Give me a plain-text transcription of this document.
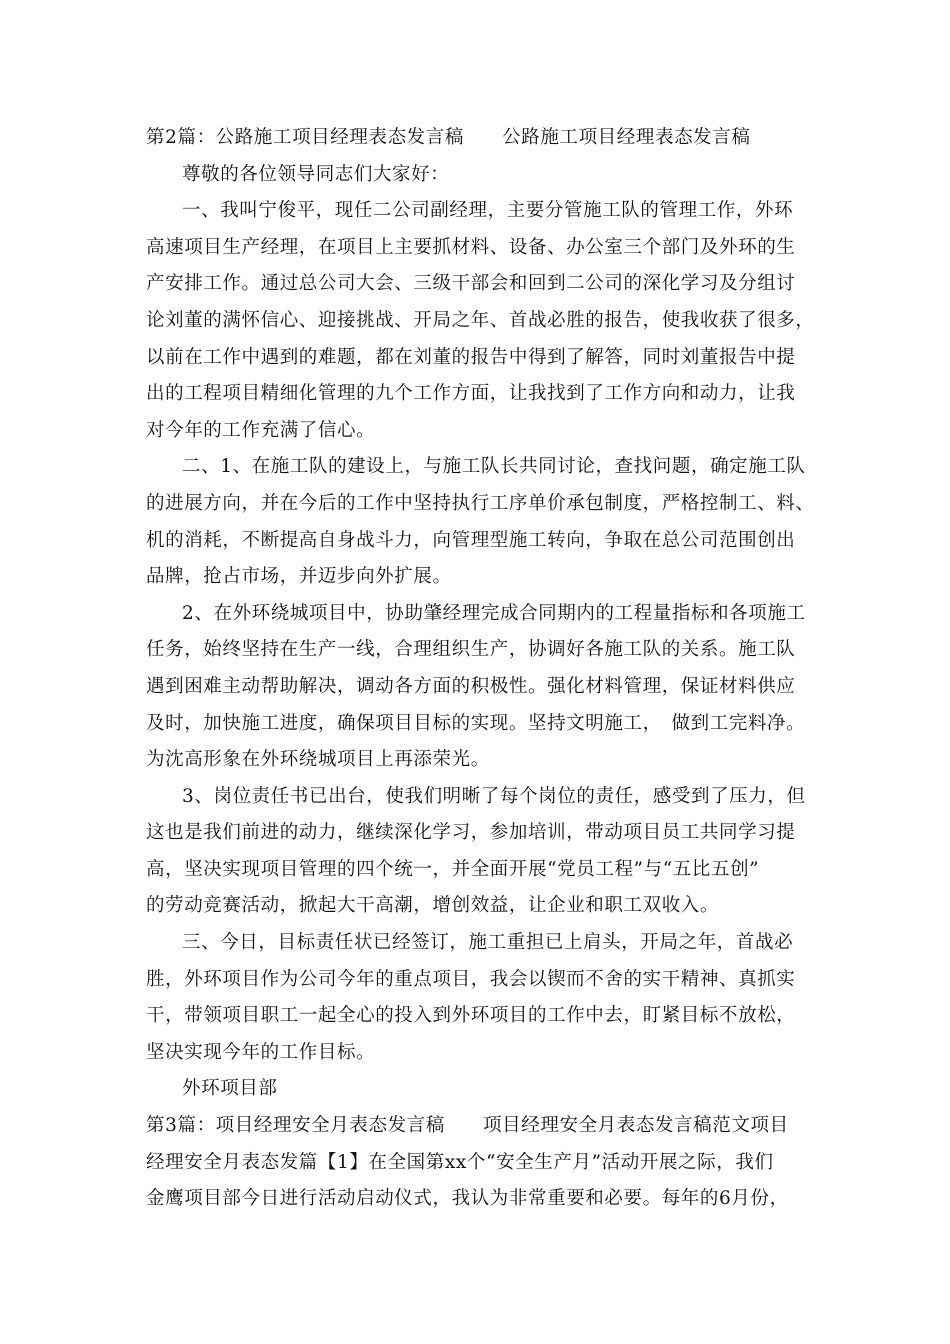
第2篇：公路施工项目经理表态发言稿　　公路施工项目经理表态发言稿
尊敬的各位领导同志们大家好：
一、我叫宁俊平，现任二公司副经理，主要分管施工队的管理工作，外环
高速项目生产经理，在项目上主要抓材料、设备、办公室三个部门及外环的生
产安排工作。通过总公司大会、三级干部会和回到二公司的深化学习及分组讨
论刘董的满怀信心、迎接挑战、开局之年、首战必胜的报告，使我收获了很多，
以前在工作中遇到的难题，都在刘董的报告中得到了解答，同时刘董报告中提
出的工程项目精细化管理的九个工作方面，让我找到了工作方向和动力，让我
对今年的工作充满了信心。
二、1、在施工队的建设上，与施工队长共同讨论，查找问题，确定施工队
的进展方向，并在今后的工作中坚持执行工序单价承包制度，严格控制工、料、
机的消耗，不断提高自身战斗力，向管理型施工转向，争取在总公司范围创出
品牌，抢占市场，并迈步向外扩展。
2、在外环绕城项目中，协助肇经理完成合同期内的工程量指标和各项施工
任务，始终坚持在生产一线，合理组织生产，协调好各施工队的关系。施工队
遇到困难主动帮助解决，调动各方面的积极性。强化材料管理，保证材料供应
及时，加快施工进度，确保项目目标的实现。坚持文明施工，　做到工完料净。
为沈高形象在外环绕城项目上再添荣光。
3、岗位责任书已出台，使我们明晰了每个岗位的责任，感受到了压力，但
这也是我们前进的动力，继续深化学习，参加培训，带动项目员工共同学习提
高，坚决实现项目管理的四个统一，并全面开展“党员工程”与“五比五创”
的劳动竞赛活动，掀起大干高潮，增创效益，让企业和职工双收入。
三、今日，目标责任状已经签订，施工重担已上肩头，开局之年，首战必
胜，外环项目作为公司今年的重点项目，我会以锲而不舍的实干精神、真抓实
干，带领项目职工一起全心的投入到外环项目的工作中去，盯紧目标不放松，
坚决实现今年的工作目标。
外环项目部
第3篇：项目经理安全月表态发言稿　　项目经理安全月表态发言稿范文项目
经理安全月表态发篇【1】在全国第xx个“安全生产月”活动开展之际，我们
金鹰项目部今日进行活动启动仪式，我认为非常重要和必要。每年的6月份，
